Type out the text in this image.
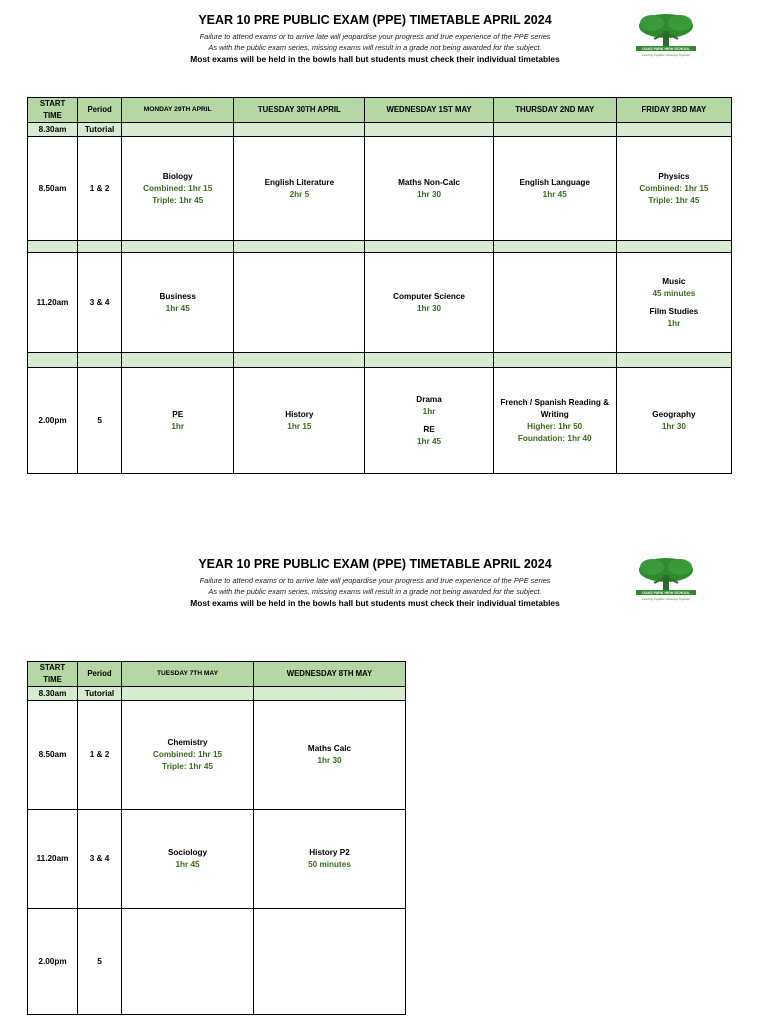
YEAR 10 PRE PUBLIC EXAM (PPE) TIMETABLE APRIL 2024
Failure to attend exams or to arrive late will jeopardise your progress and true experience of the PPE series
As with the public exam series, missing exams will result in a grade not being awarded for the subject.
Most exams will be held in the bowls hall but students must check their individual timetables
OAKS PARK HIGH SCHOOL
Learning Together, Achieving Together
START TIME	Period	MONDAY 29TH APRIL	TUESDAY 30TH APRIL	WEDNESDAY 1ST MAY	THURSDAY 2ND MAY	FRIDAY 3RD MAY
8.30am	Tutorial					
8.50am	1 & 2	Biology
Combined: 1hr 15
Triple: 1hr 45	English Literature
2hr 5	Maths Non-Calc
1hr 30	English Language
1hr 45	Physics
Combined: 1hr 15
Triple: 1hr 45

11.20am	3 & 4	Business
1hr 45		Computer Science
1hr 30		Music
45 minutes
Film Studies
1hr

2.00pm	5	PE
1hr	History
1hr 15	Drama
1hr
RE
1hr 45	French / Spanish Reading & Writing
Higher: 1hr 50
Foundation: 1hr 40	Geography
1hr 30
YEAR 10 PRE PUBLIC EXAM (PPE) TIMETABLE APRIL 2024
Failure to attend exams or to arrive late will jeopardise your progress and true experience of the PPE series
As with the public exam series, missing exams will result in a grade not being awarded for the subject.
Most exams will be held in the bowls hall but students must check their individual timetables
OAKS PARK HIGH SCHOOL
Learning Together, Achieving Together
START TIME	Period	TUESDAY 7TH MAY	WEDNESDAY 8TH MAY
8.30am	Tutorial		
8.50am	1 & 2	Chemistry
Combined: 1hr 15
Triple: 1hr 45	Maths Calc
1hr 30

11.20am	3 & 4	Sociology
1hr 45	History P2
50 minutes

2.00pm	5		
